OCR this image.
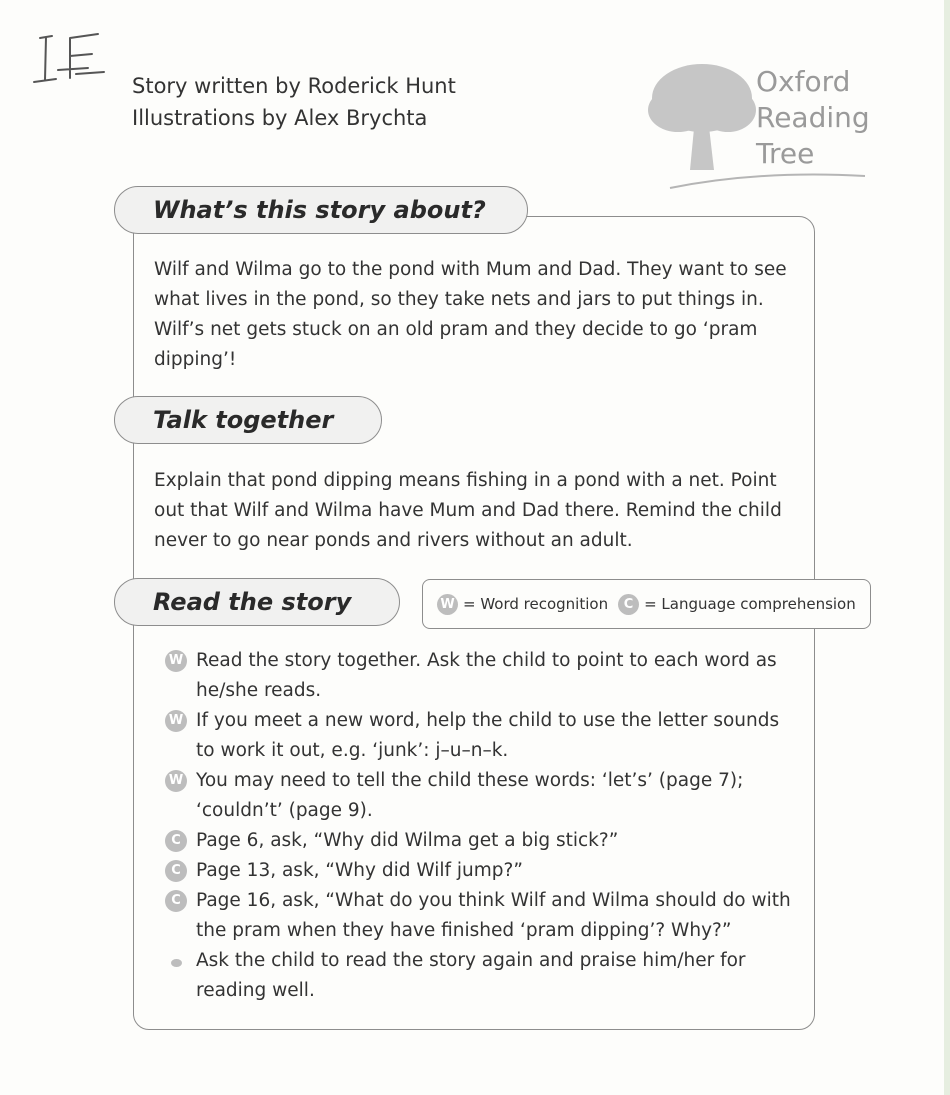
Story written by Roderick Hunt
Illustrations by Alex Brychta
Oxford
Reading
Tree
What’s this story about?
Wilf and Wilma go to the pond with Mum and Dad. They want to see what lives in the pond, so they take nets and jars to put things in. Wilf’s net gets stuck on an old pram and they decide to go ‘pram dipping’!
Talk together
Explain that pond dipping means fishing in a pond with a net. Point out that Wilf and Wilma have Mum and Dad there. Remind the child never to go near ponds and rivers without an adult.
Read the story	W = Word recognition	C = Language comprehension
W Read the story together. Ask the child to point to each word as he/she reads.
W If you meet a new word, help the child to use the letter sounds to work it out, e.g. ‘junk’: j–u–n–k.
W You may need to tell the child these words: ‘let’s’ (page 7); ‘couldn’t’ (page 9).
C Page 6, ask, “Why did Wilma get a big stick?”
C Page 13, ask, “Why did Wilf jump?”
C Page 16, ask, “What do you think Wilf and Wilma should do with the pram when they have finished ‘pram dipping’? Why?”
Ask the child to read the story again and praise him/her for reading well.
